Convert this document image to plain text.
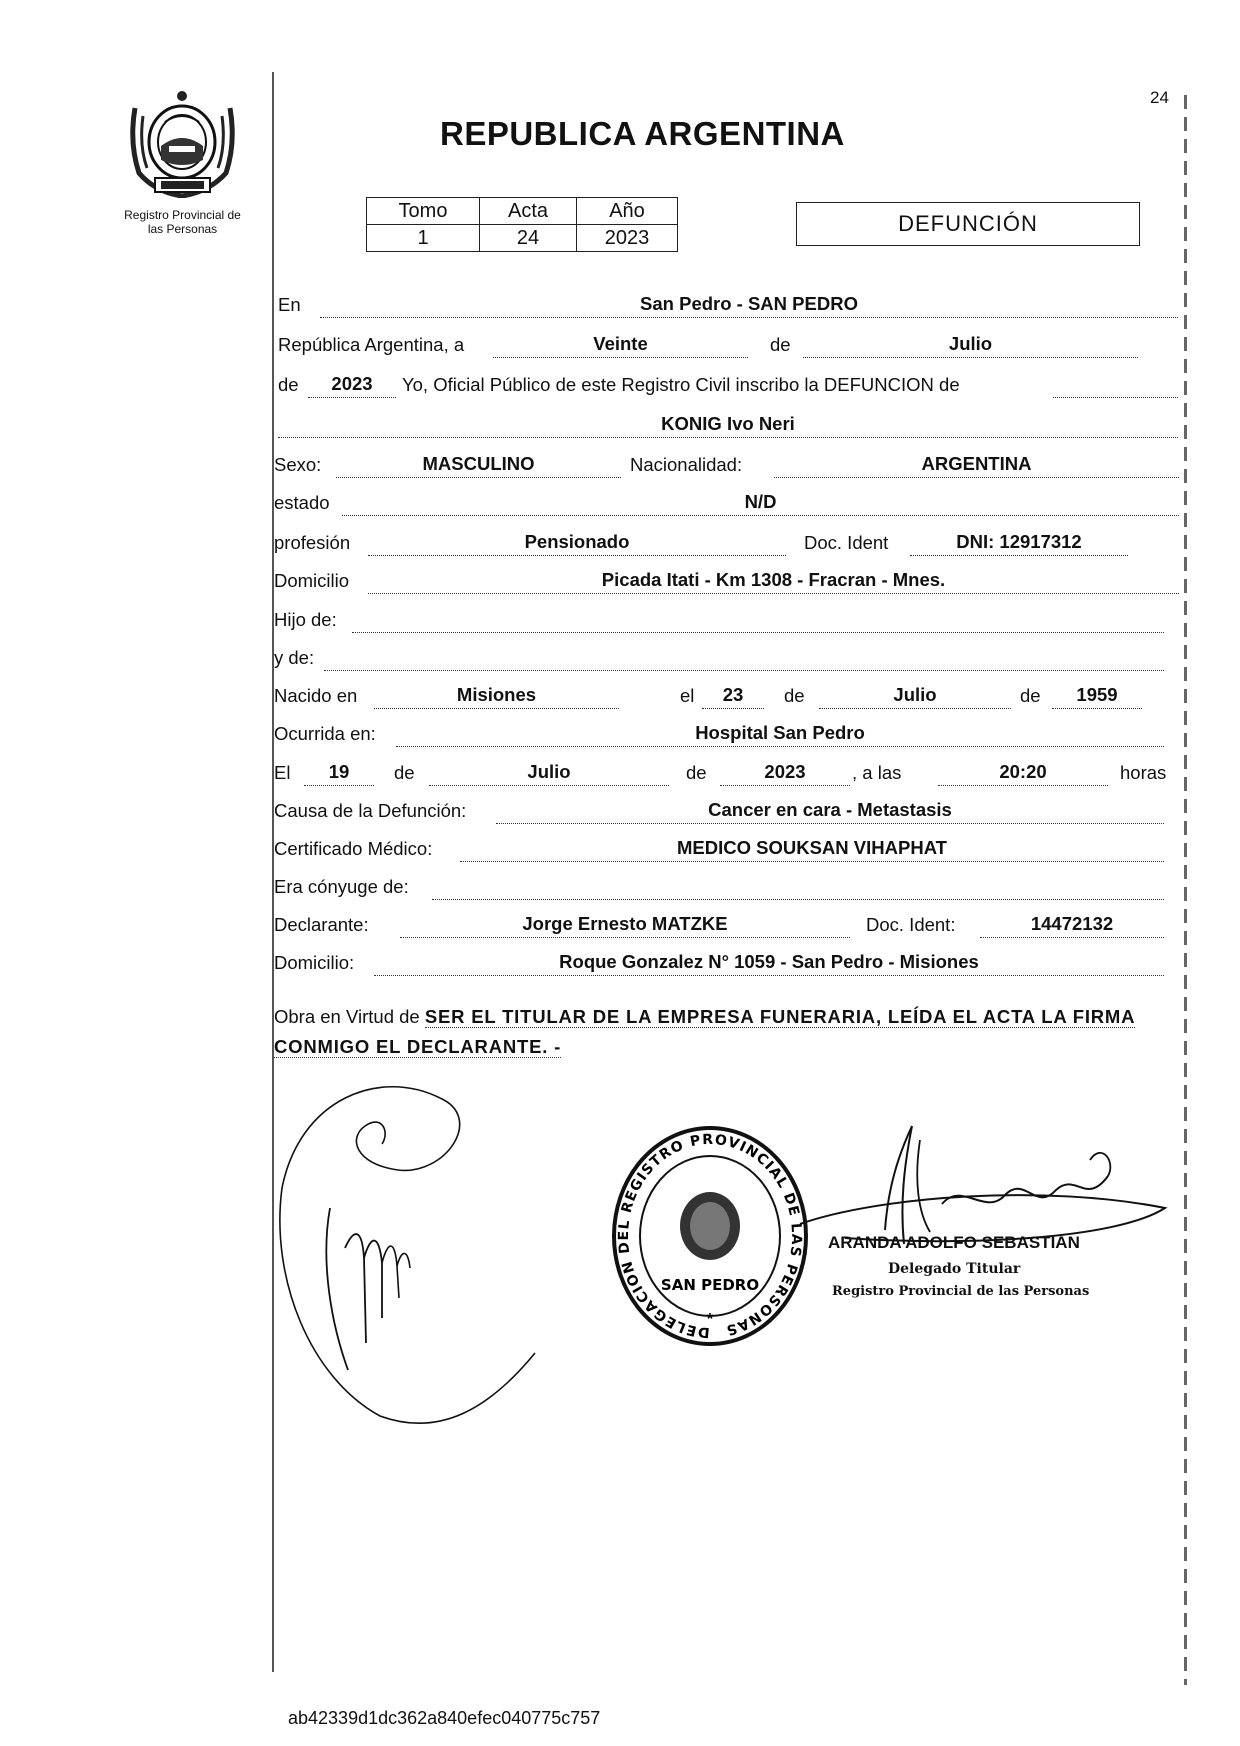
Registro Provincial de
las Personas
24
REPUBLICA ARGENTINA
Tomo	Acta	Año
1	24	2023
DEFUNCIÓN
En	San Pedro - SAN PEDRO
República Argentina, a	Veinte	de	Julio
de	2023	Yo, Oficial Público de este Registro Civil inscribo la DEFUNCION de
KONIG Ivo Neri
Sexo:	MASCULINO	Nacionalidad:	ARGENTINA
estado	N/D
profesión	Pensionado	Doc. Ident	DNI: 12917312
Domicilio	Picada Itati - Km 1308 - Fracran - Mnes.
Hijo de:
y de:
Nacido en	Misiones	el	23	de	Julio	de	1959
Ocurrida en:	Hospital San Pedro
El	19	de	Julio	de	2023	, a las	20:20	horas
Causa de la Defunción:	Cancer en cara - Metastasis
Certificado Médico:	MEDICO SOUKSAN VIHAPHAT
Era cónyuge de:
Declarante:	Jorge Ernesto MATZKE	Doc. Ident:	14472132
Domicilio:	Roque Gonzalez N° 1059 - San Pedro - Misiones
Obra en Virtud de SER EL TITULAR DE LA EMPRESA FUNERARIA, LEÍDA EL ACTA LA FIRMA CONMIGO EL DECLARANTE. -
DELEGACION DEL REGISTRO PROVINCIAL DE LAS PERSONAS
SAN PEDRO
*
ARANDA ADOLFO SEBASTIAN
Delegado Titular
Registro Provincial de las Personas
ab42339d1dc362a840efec040775c757
